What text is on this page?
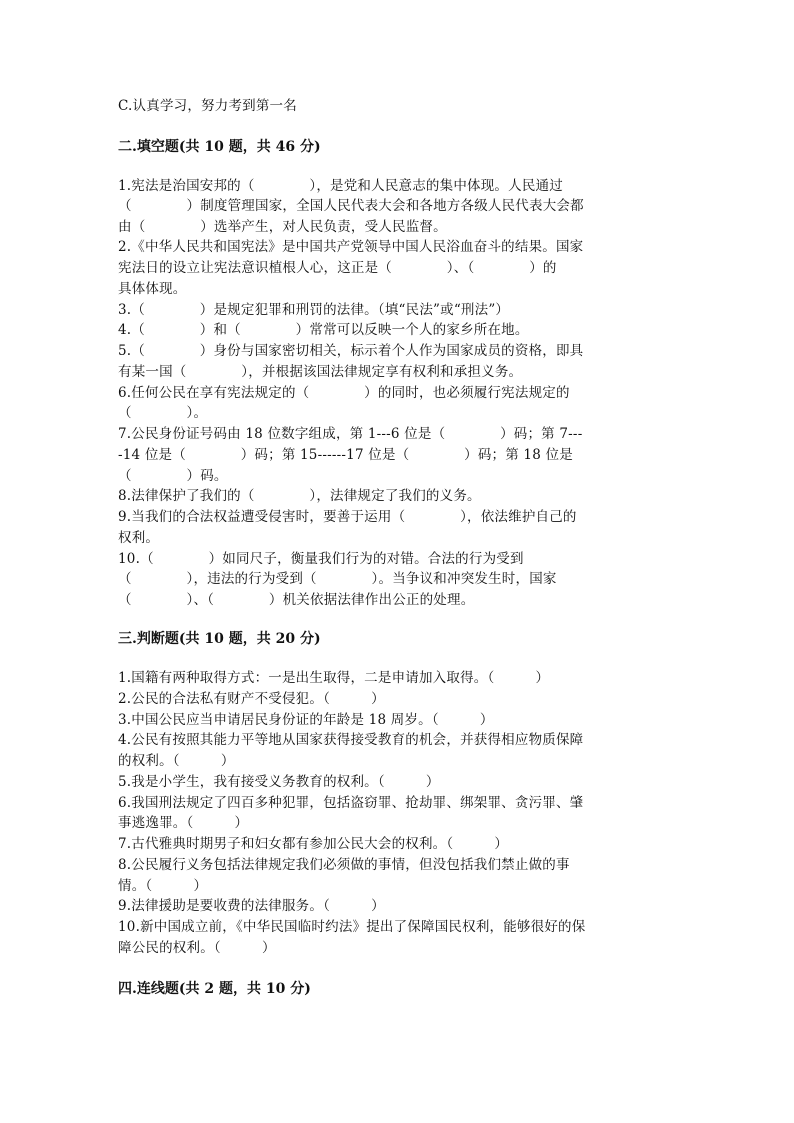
C.认真学习，努力考到第一名
二.填空题(共 10 题，共 46 分)
1.宪法是治国安邦的（　　　　），是党和人民意志的集中体现。人民通过
（　　　　）制度管理国家，全国人民代表大会和各地方各级人民代表大会都
由（　　　　）选举产生，对人民负责，受人民监督。
2.《中华人民共和国宪法》是中国共产党领导中国人民浴血奋斗的结果。国家
宪法日的设立让宪法意识植根人心，这正是（　　　　）、（　　　　）的
具体体现。
3.（　　　　）是规定犯罪和刑罚的法律。（填“民法”或“刑法”）
4.（　　　　）和（　　　　）常常可以反映一个人的家乡所在地。
5.（　　　　）身份与国家密切相关，标示着个人作为国家成员的资格，即具
有某一国（　　　　），并根据该国法律规定享有权利和承担义务。
6.任何公民在享有宪法规定的（　　　　）的同时，也必须履行宪法规定的
（　　　　）。
7.公民身份证号码由 18 位数字组成，第 1---6 位是（　　　　）码；第 7---
-14 位是（　　　　）码；第 15------17 位是（　　　　）码；第 18 位是
（　　　　）码。
8.法律保护了我们的（　　　　），法律规定了我们的义务。
9.当我们的合法权益遭受侵害时，要善于运用（　　　　），依法维护自己的
权利。
10.（　　　　）如同尺子，衡量我们行为的对错。合法的行为受到
（　　　　），违法的行为受到（　　　　）。当争议和冲突发生时，国家
（　　　　）、（　　　　）机关依据法律作出公正的处理。
三.判断题(共 10 题，共 20 分)
1.国籍有两种取得方式：一是出生取得，二是申请加入取得。（　　　）
2.公民的合法私有财产不受侵犯。（　　　）
3.中国公民应当申请居民身份证的年龄是 18 周岁。（　　　）
4.公民有按照其能力平等地从国家获得接受教育的机会，并获得相应物质保障
的权利。（　　　）
5.我是小学生，我有接受义务教育的权利。（　　　）
6.我国刑法规定了四百多种犯罪，包括盗窃罪、抢劫罪、绑架罪、贪污罪、肇
事逃逸罪。（　　　）
7.古代雅典时期男子和妇女都有参加公民大会的权利。（　　　）
8.公民履行义务包括法律规定我们必须做的事情，但没包括我们禁止做的事
情。（　　　）
9.法律援助是要收费的法律服务。（　　　）
10.新中国成立前，《中华民国临时约法》提出了保障国民权利，能够很好的保
障公民的权利。（　　　）
四.连线题(共 2 题，共 10 分)
